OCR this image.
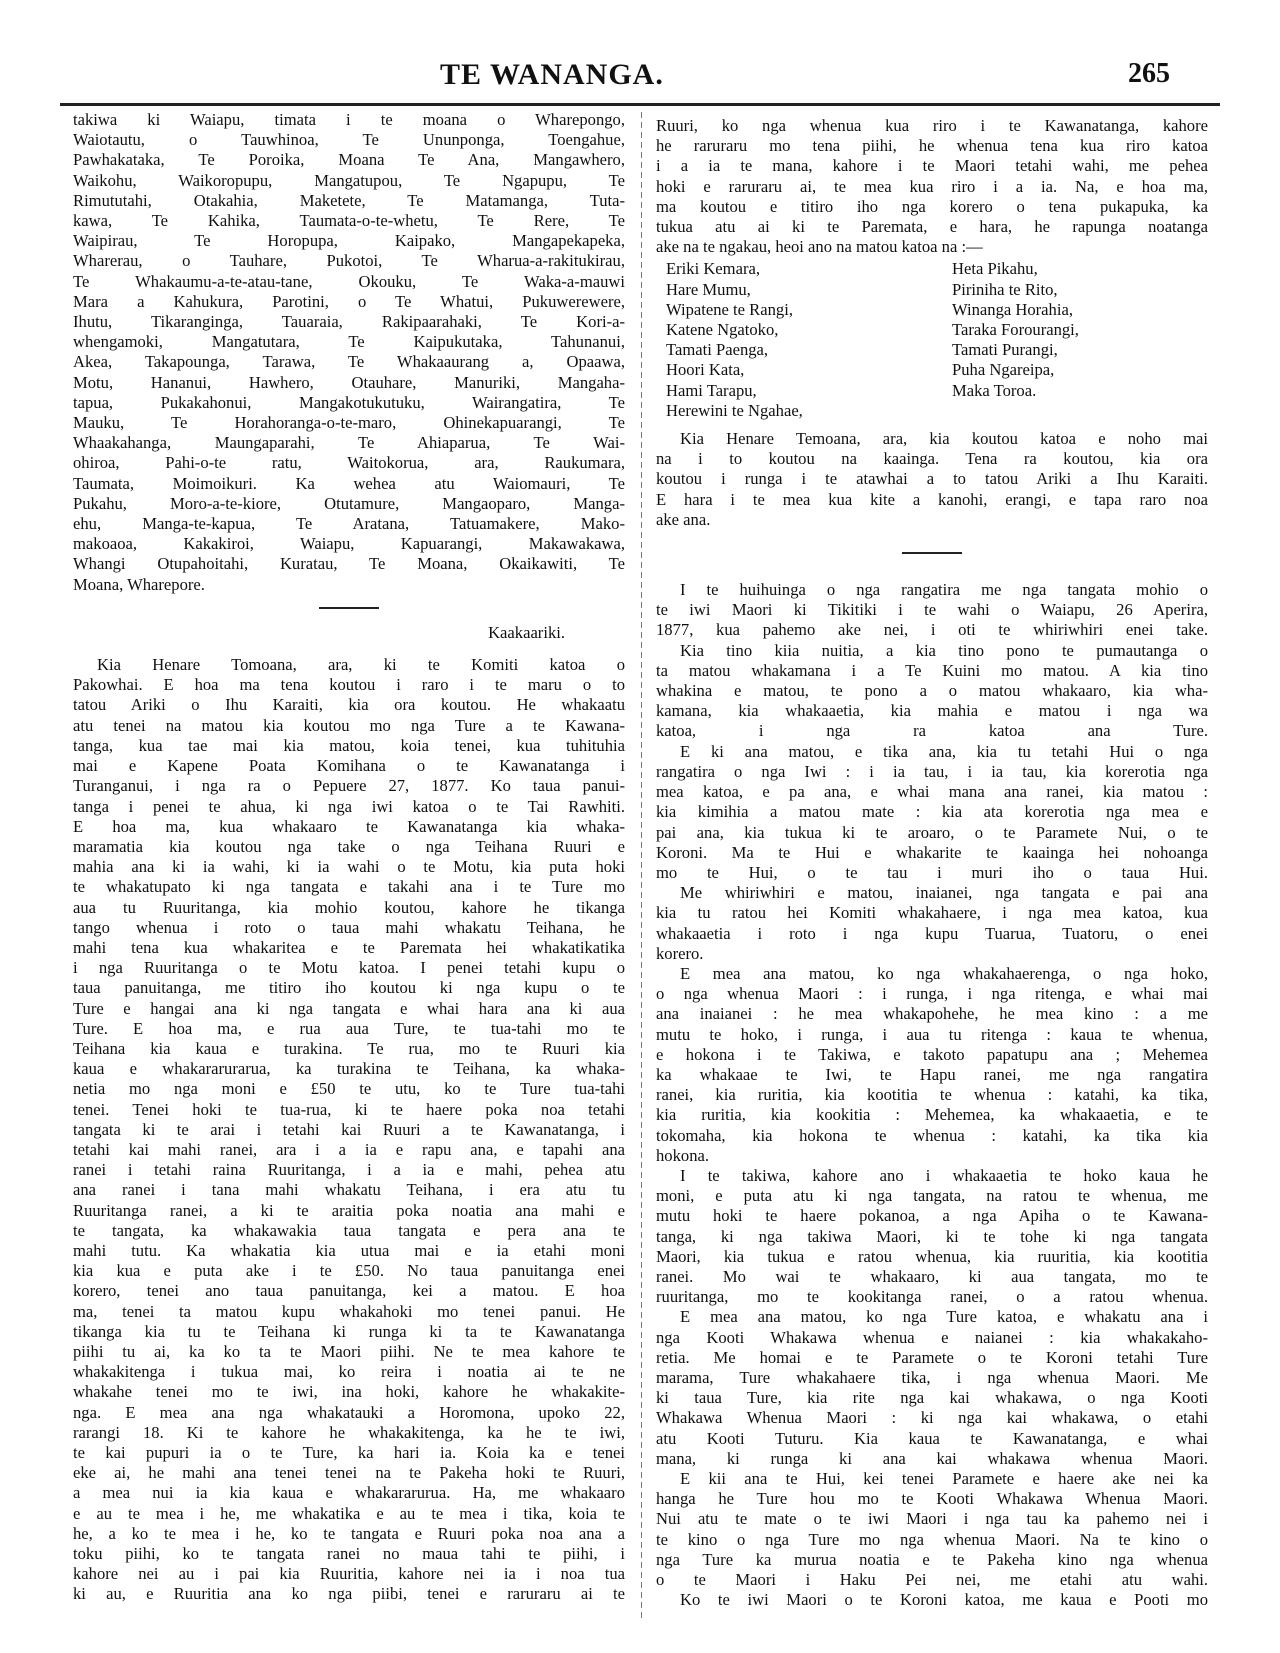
TE WANANGA.	265
takiwa ki Waiapu, timata i te moana o Wharepongo,
Waiotautu, o Tauwhinoa, Te Ununponga, Toengahue,
Pawhakataka, Te Poroika, Moana Te Ana, Mangawhero,
Waikohu, Waikoropupu, Mangatupou, Te Ngapupu, Te
Rimututahi, Otakahia, Maketete, Te Matamanga, Tuta-
kawa, Te Kahika, Taumata-o-te-whetu, Te Rere, Te
Waipirau, Te Horopupa, Kaipako, Mangapekapeka,
Wharerau, o Tauhare, Pukotoi, Te Wharua-a-rakitukirau,
Te Whakaumu-a-te-atau-tane, Okouku, Te Waka-a-mauwi
Mara a Kahukura, Parotini, o Te Whatui, Pukuwerewere,
Ihutu, Tikaranginga, Tauaraia, Rakipaarahaki, Te Kori-a-
whengamoki, Mangatutara, Te Kaipukutaka, Tahunanui,
Akea, Takapounga, Tarawa, Te Whakaaurang a, Opaawa,
Motu, Hananui, Hawhero, Otauhare, Manuriki, Mangaha-
tapua, Pukakahonui, Mangakotukutuku, Wairangatira, Te
Mauku, Te Horahoranga-o-te-maro, Ohinekapuarangi, Te
Whaakahanga, Maungaparahi, Te Ahiaparua, Te Wai-
ohiroa, Pahi-o-te ratu, Waitokorua, ara, Raukumara,
Taumata, Moimoikuri. Ka wehea atu Waiomauri, Te
Pukahu, Moro-a-te-kiore, Otutamure, Mangaoparo, Manga-
ehu, Manga-te-kapua, Te Aratana, Tatuamakere, Mako-
makoaoa, Kakakiroi, Waiapu, Kapuarangi, Makawakawa,
Whangi Otupahoitahi, Kuratau, Te Moana, Okaikawiti, Te
Moana, Wharepore.
Kaakaariki.
Kia Henare Tomoana, ara, ki te Komiti katoa o
Pakowhai. E hoa ma tena koutou i raro i te maru o to
tatou Ariki o Ihu Karaiti, kia ora koutou. He whakaatu
atu tenei na matou kia koutou mo nga Ture a te Kawana-
tanga, kua tae mai kia matou, koia tenei, kua tuhituhia
mai e Kapene Poata Komihana o te Kawanatanga i
Turanganui, i nga ra o Pepuere 27, 1877. Ko taua panui-
tanga i penei te ahua, ki nga iwi katoa o te Tai Rawhiti.
E hoa ma, kua whakaaro te Kawanatanga kia whaka-
maramatia kia koutou nga take o nga Teihana Ruuri e
mahia ana ki ia wahi, ki ia wahi o te Motu, kia puta hoki
te whakatupato ki nga tangata e takahi ana i te Ture mo
aua tu Ruuritanga, kia mohio koutou, kahore he tikanga
tango whenua i roto o taua mahi whakatu Teihana, he
mahi tena kua whakaritea e te Paremata hei whakatikatika
i nga Ruuritanga o te Motu katoa. I penei tetahi kupu o
taua panuitanga, me titiro iho koutou ki nga kupu o te
Ture e hangai ana ki nga tangata e whai hara ana ki aua
Ture. E hoa ma, e rua aua Ture, te tua-tahi mo te
Teihana kia kaua e turakina. Te rua, mo te Ruuri kia
kaua e whakararurarua, ka turakina te Teihana, ka whaka-
netia mo nga moni e £50 te utu, ko te Ture tua-tahi
tenei. Tenei hoki te tua-rua, ki te haere poka noa tetahi
tangata ki te arai i tetahi kai Ruuri a te Kawanatanga, i
tetahi kai mahi ranei, ara i a ia e rapu ana, e tapahi ana
ranei i tetahi raina Ruuritanga, i a ia e mahi, pehea atu
ana ranei i tana mahi whakatu Teihana, i era atu tu
Ruuritanga ranei, a ki te araitia poka noatia ana mahi e
te tangata, ka whakawakia taua tangata e pera ana te
mahi tutu. Ka whakatia kia utua mai e ia etahi moni
kia kua e puta ake i te £50. No taua panuitanga enei
korero, tenei ano taua panuitanga, kei a matou. E hoa
ma, tenei ta matou kupu whakahoki mo tenei panui. He
tikanga kia tu te Teihana ki runga ki ta te Kawanatanga
piihi tu ai, ka ko ta te Maori piihi. Ne te mea kahore te
whakakitenga i tukua mai, ko reira i noatia ai te ne
whakahe tenei mo te iwi, ina hoki, kahore he whakakite-
nga. E mea ana nga whakatauki a Horomona, upoko 22,
rarangi 18. Ki te kahore he whakakitenga, ka he te iwi,
te kai pupuri ia o te Ture, ka hari ia. Koia ka e tenei
eke ai, he mahi ana tenei tenei na te Pakeha hoki te Ruuri,
a mea nui ia kia kaua e whakararurua. Ha, me whakaaro
e au te mea i he, me whakatika e au te mea i tika, koia te
he, a ko te mea i he, ko te tangata e Ruuri poka noa ana a
toku piihi, ko te tangata ranei no maua tahi te piihi, i
kahore nei au i pai kia Ruuritia, kahore nei ia i noa tua
ki au, e Ruuritia ana ko nga piibi, tenei e raruraru ai te
Ruuri, ko nga whenua kua riro i te Kawanatanga, kahore
he raruraru mo tena piihi, he whenua tena kua riro katoa
i a ia te mana, kahore i te Maori tetahi wahi, me pehea
hoki e raruraru ai, te mea kua riro i a ia. Na, e hoa ma,
ma koutou e titiro iho nga korero o tena pukapuka, ka
tukua atu ai ki te Paremata, e hara, he rapunga noatanga
ake na te ngakau, heoi ano na matou katoa na :—
Eriki Kemara,
Hare Mumu,
Wipatene te Rangi,
Katene Ngatoko,
Tamati Paenga,
Hoori Kata,
Hami Tarapu,
Herewini te Ngahae,
Heta Pikahu,
Piriniha te Rito,
Winanga Horahia,
Taraka Forourangi,
Tamati Purangi,
Puha Ngareipa,
Maka Toroa.
Kia Henare Temoana, ara, kia koutou katoa e noho mai
na i to koutou na kaainga. Tena ra koutou, kia ora
koutou i runga i te atawhai a to tatou Ariki a Ihu Karaiti.
E hara i te mea kua kite a kanohi, erangi, e tapa raro noa
ake ana.
I te huihuinga o nga rangatira me nga tangata mohio o
te iwi Maori ki Tikitiki i te wahi o Waiapu, 26 Aperira,
1877, kua pahemo ake nei, i oti te whiriwhiri enei take.
Kia tino kiia nuitia, a kia tino pono te pumautanga o
ta matou whakamana i a Te Kuini mo matou. A kia tino
whakina e matou, te pono a o matou whakaaro, kia wha-
kamana, kia whakaaetia, kia mahia e matou i nga wa
katoa, i nga ra katoa ana Ture.
E ki ana matou, e tika ana, kia tu tetahi Hui o nga
rangatira o nga Iwi : i ia tau, i ia tau, kia korerotia nga
mea katoa, e pa ana, e whai mana ana ranei, kia matou :
kia kimihia a matou mate : kia ata korerotia nga mea e
pai ana, kia tukua ki te aroaro, o te Paramete Nui, o te
Koroni. Ma te Hui e whakarite te kaainga hei nohoanga
mo te Hui, o te tau i muri iho o taua Hui.
Me whiriwhiri e matou, inaianei, nga tangata e pai ana
kia tu ratou hei Komiti whakahaere, i nga mea katoa, kua
whakaaetia i roto i nga kupu Tuarua, Tuatoru, o enei
korero.
E mea ana matou, ko nga whakahaerenga, o nga hoko,
o nga whenua Maori : i runga, i nga ritenga, e whai mai
ana inaianei : he mea whakapohehe, he mea kino : a me
mutu te hoko, i runga, i aua tu ritenga : kaua te whenua,
e hokona i te Takiwa, e takoto papatupu ana ; Mehemea
ka whakaae te Iwi, te Hapu ranei, me nga rangatira
ranei, kia ruritia, kia kootitia te whenua : katahi, ka tika,
kia ruritia, kia kookitia : Mehemea, ka whakaaetia, e te
tokomaha, kia hokona te whenua : katahi, ka tika kia
hokona.
I te takiwa, kahore ano i whakaaetia te hoko kaua he
moni, e puta atu ki nga tangata, na ratou te whenua, me
mutu hoki te haere pokanoa, a nga Apiha o te Kawana-
tanga, ki nga takiwa Maori, ki te tohe ki nga tangata
Maori, kia tukua e ratou whenua, kia ruuritia, kia kootitia
ranei. Mo wai te whakaaro, ki aua tangata, mo te
ruuritanga, mo te kookitanga ranei, o a ratou whenua.
E mea ana matou, ko nga Ture katoa, e whakatu ana i
nga Kooti Whakawa whenua e naianei : kia whakakaho-
retia. Me homai e te Paramete o te Koroni tetahi Ture
marama, Ture whakahaere tika, i nga whenua Maori. Me
ki taua Ture, kia rite nga kai whakawa, o nga Kooti
Whakawa Whenua Maori : ki nga kai whakawa, o etahi
atu Kooti Tuturu. Kia kaua te Kawanatanga, e whai
mana, ki runga ki ana kai whakawa whenua Maori.
E kii ana te Hui, kei tenei Paramete e haere ake nei ka
hanga he Ture hou mo te Kooti Whakawa Whenua Maori.
Nui atu te mate o te iwi Maori i nga tau ka pahemo nei i
te kino o nga Ture mo nga whenua Maori. Na te kino o
nga Ture ka murua noatia e te Pakeha kino nga whenua
o te Maori i Haku Pei nei, me etahi atu wahi.
Ko te iwi Maori o te Koroni katoa, me kaua e Pooti mo
